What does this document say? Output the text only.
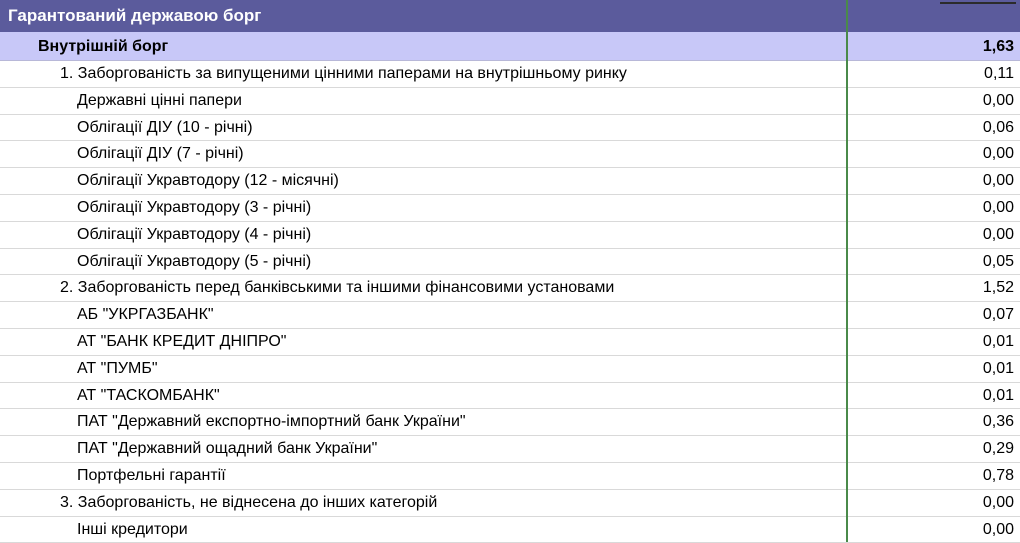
Гарантований державою борг
Внутрішній борг	1,63
1. Заборгованість за випущеними цінними паперами на внутрішньому ринку	0,11
Державні цінні папери	0,00
Облігації ДІУ (10 - річні)	0,06
Облігації ДІУ (7 - річні)	0,00
Облігації Укравтодору (12 - місячні)	0,00
Облігації Укравтодору (3 - річні)	0,00
Облігації Укравтодору (4 - річні)	0,00
Облігації Укравтодору (5 - річні)	0,05
2. Заборгованість перед банківськими та іншими фінансовими установами	1,52
АБ "УКРГАЗБАНК"	0,07
АТ "БАНК КРЕДИТ ДНІПРО"	0,01
АТ "ПУМБ"	0,01
АТ "ТАСКОМБАНК"	0,01
ПАТ "Державний експортно-імпортний банк України"	0,36
ПАТ "Державний ощадний банк України"	0,29
Портфельні гарантії	0,78
3. Заборгованість, не віднесена до інших категорій	0,00
Інші кредитори	0,00
